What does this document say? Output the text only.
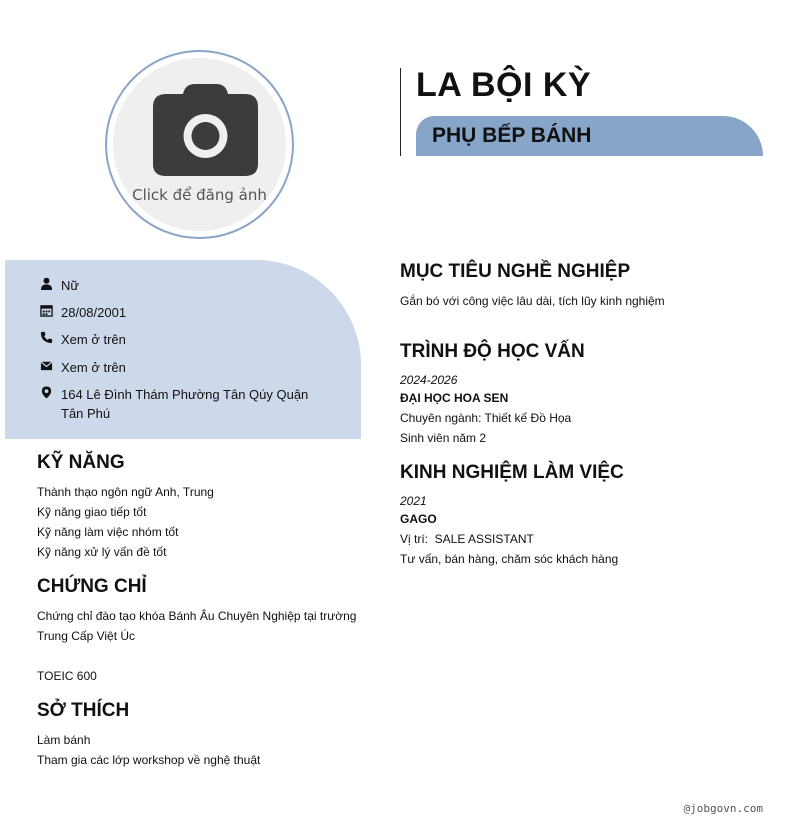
Click để đăng ảnh
LA BỘI KỲ
PHỤ BẾP BÁNH
Nữ
28/08/2001
Xem ở trên
Xem ở trên
164 Lê Đình Thám Phường Tân Qúy Quận
Tân Phú
KỸ NĂNG
Thành thạo ngôn ngữ Anh, Trung
Kỹ năng giao tiếp tốt
Kỹ năng làm việc nhóm tốt
Kỹ năng xử lý vấn đề tốt
CHỨNG CHỈ
Chứng chỉ đào tạo khóa Bánh Âu Chuyên Nghiệp tại trường
Trung Cấp Việt Úc
TOEIC 600
SỞ THÍCH
Làm bánh
Tham gia các lớp workshop về nghệ thuật
MỤC TIÊU NGHỀ NGHIỆP
Gắn bó với công việc lâu dài, tích lũy kinh nghiệm
TRÌNH ĐỘ HỌC VẤN
2024-2026
ĐẠI HỌC HOA SEN
Chuyên ngành: Thiết kế Đồ Họa
Sinh viên năm 2
KINH NGHIỆM LÀM VIỆC
2021
GAGO
Vị trí:  SALE ASSISTANT
Tư vấn, bán hàng, chăm sóc khách hàng
@jobgovn.com
